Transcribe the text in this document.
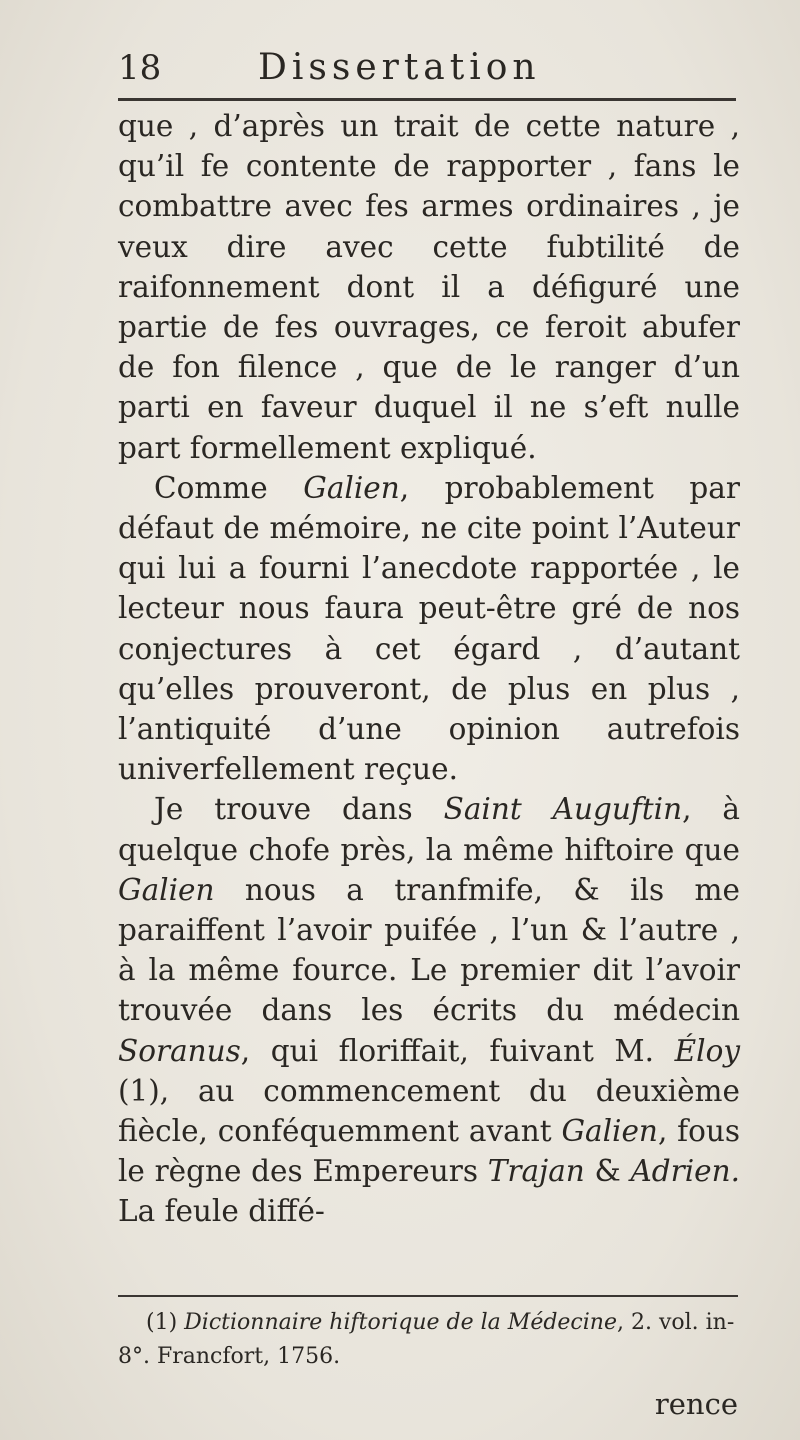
18	Dissertation

que , d’après un trait de cette nature , qu’il fe contente de rapporter , fans le combattre avec fes armes ordinaires , je veux dire avec cette fubtilité de raifonnement dont il a défiguré une partie de fes ouvrages, ce feroit abufer de fon filence , que de le ranger d’un parti en faveur duquel il ne s’eft nulle part formellement expliqué.

Comme Galien, probablement par défaut de mémoire, ne cite point l’Auteur qui lui a fourni l’anecdote rapportée , le lecteur nous faura peut-être gré de nos conjectures à cet égard , d’autant qu’elles prouveront, de plus en plus , l’antiquité d’une opinion autrefois univerfellement reçue.

Je trouve dans Saint Auguftin, à quelque chofe près, la même hiftoire que Galien nous a tranfmife, & ils me paraiffent l’avoir puifée , l’un & l’autre , à la même fource. Le premier dit l’avoir trouvée dans les écrits du médecin Soranus, qui floriffait, fuivant M. Éloy (1), au commencement du deuxième fiècle, conféquemment avant Galien, fous le règne des Empereurs Trajan & Adrien. La feule diffé-

(1) Dictionnaire hiftorique de la Médecine, 2. vol. in-8°. Francfort, 1756.

rence
